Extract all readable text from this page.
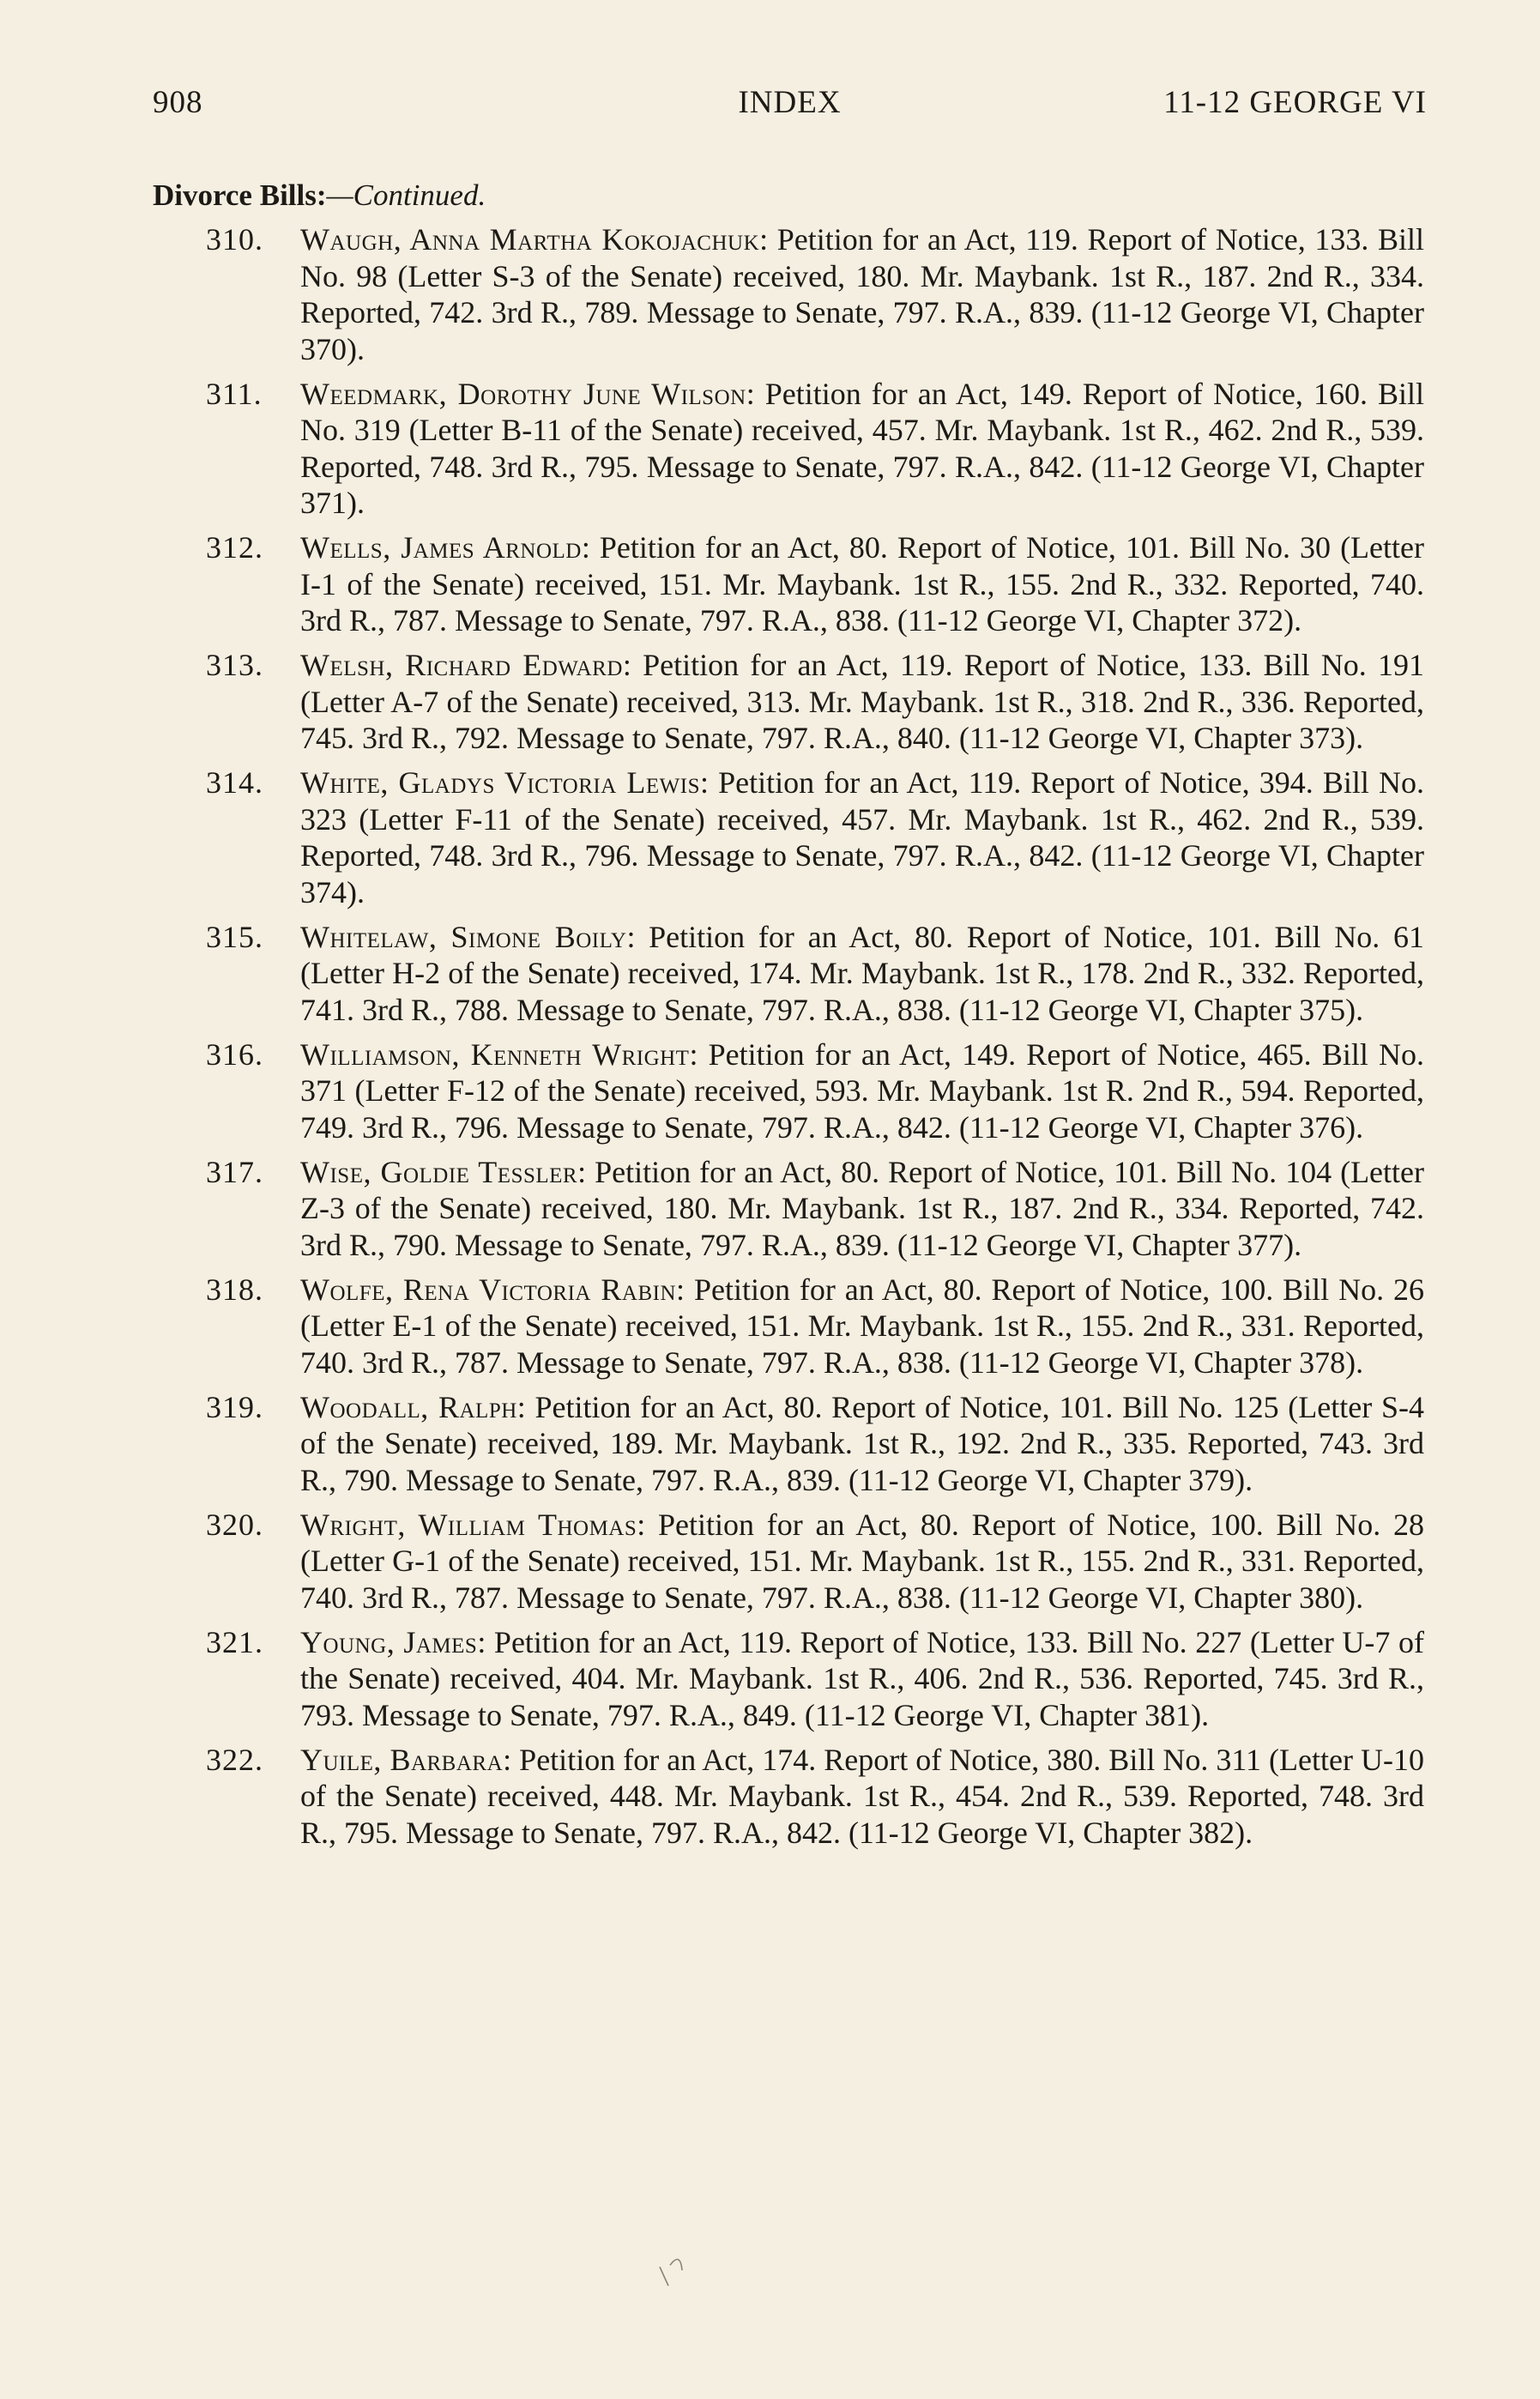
908	INDEX	11-12 GEORGE VI
Divorce Bills:—Continued.
310. Waugh, Anna Martha Kokojachuk: Petition for an Act, 119. Report of Notice, 133. Bill No. 98 (Letter S-3 of the Senate) received, 180. Mr. Maybank. 1st R., 187. 2nd R., 334. Reported, 742. 3rd R., 789. Message to Senate, 797. R.A., 839. (11-12 George VI, Chapter 370).
311. Weedmark, Dorothy June Wilson: Petition for an Act, 149. Report of Notice, 160. Bill No. 319 (Letter B-11 of the Senate) received, 457. Mr. Maybank. 1st R., 462. 2nd R., 539. Reported, 748. 3rd R., 795. Message to Senate, 797. R.A., 842. (11-12 George VI, Chapter 371).
312. Wells, James Arnold: Petition for an Act, 80. Report of Notice, 101. Bill No. 30 (Letter I-1 of the Senate) received, 151. Mr. Maybank. 1st R., 155. 2nd R., 332. Reported, 740. 3rd R., 787. Message to Senate, 797. R.A., 838. (11-12 George VI, Chapter 372).
313. Welsh, Richard Edward: Petition for an Act, 119. Report of Notice, 133. Bill No. 191 (Letter A-7 of the Senate) received, 313. Mr. Maybank. 1st R., 318. 2nd R., 336. Reported, 745. 3rd R., 792. Message to Senate, 797. R.A., 840. (11-12 George VI, Chapter 373).
314. White, Gladys Victoria Lewis: Petition for an Act, 119. Report of Notice, 394. Bill No. 323 (Letter F-11 of the Senate) received, 457. Mr. Maybank. 1st R., 462. 2nd R., 539. Reported, 748. 3rd R., 796. Message to Senate, 797. R.A., 842. (11-12 George VI, Chapter 374).
315. Whitelaw, Simone Boily: Petition for an Act, 80. Report of Notice, 101. Bill No. 61 (Letter H-2 of the Senate) received, 174. Mr. Maybank. 1st R., 178. 2nd R., 332. Reported, 741. 3rd R., 788. Message to Senate, 797. R.A., 838. (11-12 George VI, Chapter 375).
316. Williamson, Kenneth Wright: Petition for an Act, 149. Report of Notice, 465. Bill No. 371 (Letter F-12 of the Senate) received, 593. Mr. Maybank. 1st R. 2nd R., 594. Reported, 749. 3rd R., 796. Message to Senate, 797. R.A., 842. (11-12 George VI, Chapter 376).
317. Wise, Goldie Tessler: Petition for an Act, 80. Report of Notice, 101. Bill No. 104 (Letter Z-3 of the Senate) received, 180. Mr. Maybank. 1st R., 187. 2nd R., 334. Reported, 742. 3rd R., 790. Message to Senate, 797. R.A., 839. (11-12 George VI, Chapter 377).
318. Wolfe, Rena Victoria Rabin: Petition for an Act, 80. Report of Notice, 100. Bill No. 26 (Letter E-1 of the Senate) received, 151. Mr. Maybank. 1st R., 155. 2nd R., 331. Reported, 740. 3rd R., 787. Message to Senate, 797. R.A., 838. (11-12 George VI, Chapter 378).
319. Woodall, Ralph: Petition for an Act, 80. Report of Notice, 101. Bill No. 125 (Letter S-4 of the Senate) received, 189. Mr. Maybank. 1st R., 192. 2nd R., 335. Reported, 743. 3rd R., 790. Message to Senate, 797. R.A., 839. (11-12 George VI, Chapter 379).
320. Wright, William Thomas: Petition for an Act, 80. Report of Notice, 100. Bill No. 28 (Letter G-1 of the Senate) received, 151. Mr. Maybank. 1st R., 155. 2nd R., 331. Reported, 740. 3rd R., 787. Message to Senate, 797. R.A., 838. (11-12 George VI, Chapter 380).
321. Young, James: Petition for an Act, 119. Report of Notice, 133. Bill No. 227 (Letter U-7 of the Senate) received, 404. Mr. Maybank. 1st R., 406. 2nd R., 536. Reported, 745. 3rd R., 793. Message to Senate, 797. R.A., 849. (11-12 George VI, Chapter 381).
322. Yuile, Barbara: Petition for an Act, 174. Report of Notice, 380. Bill No. 311 (Letter U-10 of the Senate) received, 448. Mr. Maybank. 1st R., 454. 2nd R., 539. Reported, 748. 3rd R., 795. Message to Senate, 797. R.A., 842. (11-12 George VI, Chapter 382).
